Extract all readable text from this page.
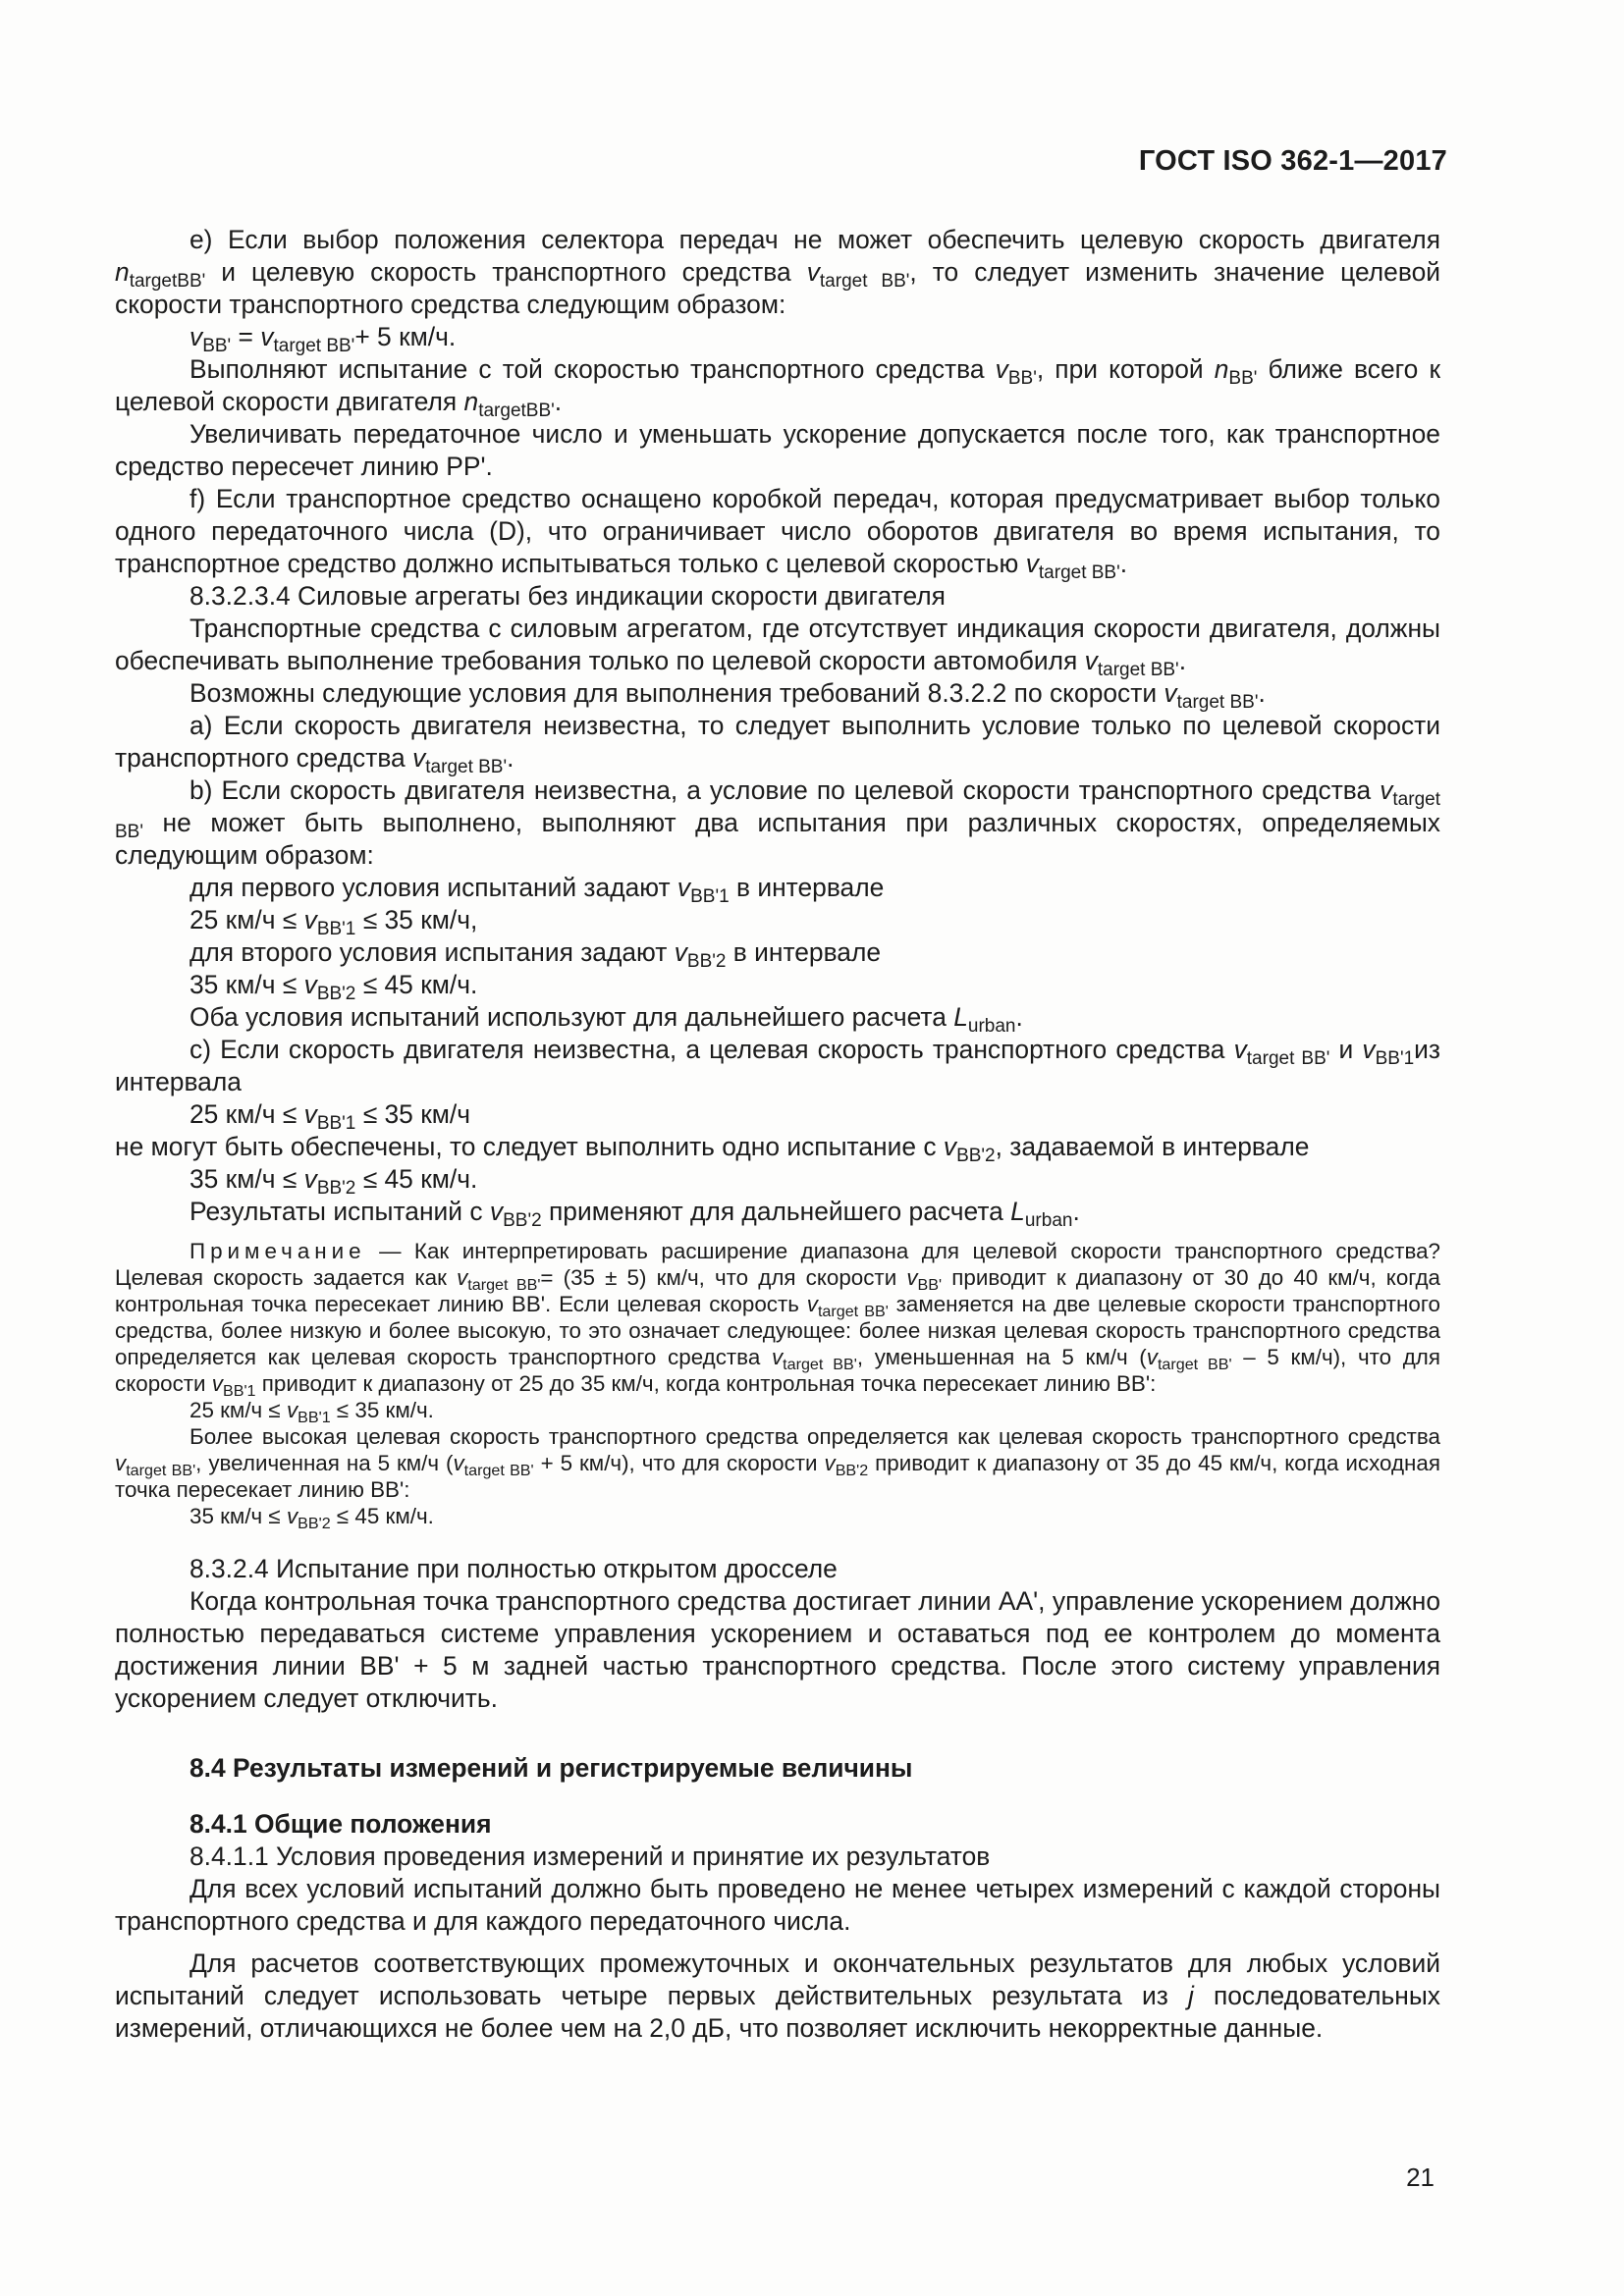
ГОСТ ISO 362-1—2017

е) Если выбор положения селектора передач не может обеспечить целевую скорость двигателя $n_{targetBB'}$ и целевую скорость транспортного средства $v_{target BB'}$, то следует изменить значение целевой скорости транспортного средства следующим образом:

$v_{BB'} = v_{target BB'}+ 5$ км/ч.

Выполняют испытание с той скоростью транспортного средства $v_{BB'}$, при которой $n_{BB'}$ ближе всего к целевой скорости двигателя $n_{targetBB'}$.

Увеличивать передаточное число и уменьшать ускорение допускается после того, как транспортное средство пересечет линию PP'.

f) Если транспортное средство оснащено коробкой передач, которая предусматривает выбор только одного передаточного числа (D), что ограничивает число оборотов двигателя во время испытания, то транспортное средство должно испытываться только с целевой скоростью $v_{target BB'}$.

8.3.2.3.4 Силовые агрегаты без индикации скорости двигателя

Транспортные средства с силовым агрегатом, где отсутствует индикация скорости двигателя, должны обеспечивать выполнение требования только по целевой скорости автомобиля $v_{target BB'}$.

Возможны следующие условия для выполнения требований 8.3.2.2 по скорости $v_{target BB'}$.

а) Если скорость двигателя неизвестна, то следует выполнить условие только по целевой скорости транспортного средства $v_{target BB'}$.

b) Если скорость двигателя неизвестна, а условие по целевой скорости транспортного средства $v_{target BB'}$ не может быть выполнено, выполняют два испытания при различных скоростях, определяемых следующим образом:

для первого условия испытаний задают $v_{BB'1}$ в интервале

25 $км/ч \le v_{BB'1} \le 35$ км/ч,

для второго условия испытания задают $v_{BB'2}$ в интервале

35 $км/ч \le v_{BB'2} \le 45$ км/ч.

Оба условия испытаний используют для дальнейшего расчета $L_{urban}$.

c) Если скорость двигателя неизвестна, а целевая скорость транспортного средства $v_{target BB'}$ и $v_{BB'1}из$ интервала

25 $км/ч \le v_{BB'1} \le 35$ км/ч

не могут быть обеспечены, то следует выполнить одно испытание с $v_{BB'2}$, задаваемой в интервале

35 $км/ч \le v_{BB'2} \le 45$ км/ч.

Результаты испытаний с $v_{BB'2}$ применяют для дальнейшего расчета $L_{urban}$.

Примечание — Как интерпретировать расширение диапазона для целевой скорости транспортного средства? Целевая скорость задается как $v_{target BB'}= (35 \pm 5)$ км/ч, что для скорости $v_{BB'}$ приводит к диапазону от 30 до 40 км/ч, когда контрольная точка пересекает линию BB'. Если целевая скорость $v_{target BB'}$ заменяется на две целевые скорости транспортного средства, более низкую и более высокую, то это означает следующее: более низкая целевая скорость транспортного средства определяется как целевая скорость транспортного средства $v_{target BB'}$, уменьшенная на 5 км/ч ($v_{target BB'} - 5$ км/ч), что для скорости $v_{BB'1}$ приводит к диапазону от 25 до 35 км/ч, когда контрольная точка пересекает линию BB':

25 $км/ч \le v_{BB'1} \le 35$ км/ч.

Более высокая целевая скорость транспортного средства определяется как целевая скорость транспортного средства $v_{target BB'}$, увеличенная на 5 км/ч ($v_{target BB'} + 5$ км/ч), что для скорости $v_{BB'2}$ приводит к диапазону от 35 до 45 км/ч, когда исходная точка пересекает линию BB':

35 $км/ч \le v_{BB'2} \le 45$ км/ч.

8.3.2.4 Испытание при полностью открытом дросселе

Когда контрольная точка транспортного средства достигает линии AA', управление ускорением должно полностью передаваться системе управления ускорением и оставаться под ее контролем до момента достижения линии BB' + 5 м задней частью транспортного средства. После этого систему управления ускорением следует отключить.

8.4 Результаты измерений и регистрируемые величины

8.4.1 Общие положения

8.4.1.1 Условия проведения измерений и принятие их результатов

Для всех условий испытаний должно быть проведено не менее четырех измерений с каждой стороны транспортного средства и для каждого передаточного числа.

Для расчетов соответствующих промежуточных и окончательных результатов для любых условий испытаний следует использовать четыре первых действительных результата из j последовательных измерений, отличающихся не более чем на 2,0 дБ, что позволяет исключить некорректные данные.

21
